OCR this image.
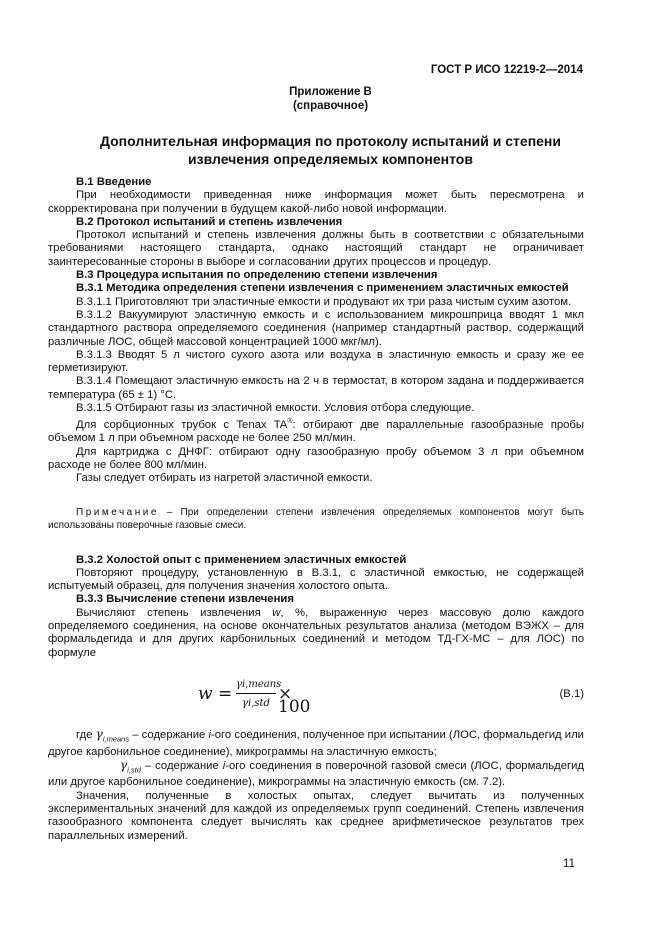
ГОСТ Р ИСО 12219-2—2014
Приложение В
(справочное)
Дополнительная информация по протоколу испытаний и степени
извлечения определяемых компонентов

В.1 Введение

При необходимости приведенная ниже информация может быть пересмотрена и скорректирована при получении в будущем какой-либо новой информации.

В.2 Протокол испытаний и степень извлечения

Протокол испытаний и степень извлечения должны быть в соответствии с обязательными требованиями настоящего стандарта, однако настоящий стандарт не ограничивает заинтересованные стороны в выборе и согласовании других процессов и процедур.

В.3 Процедура испытания по определению степени извлечения

В.3.1 Методика определения степени извлечения с применением эластичных емкостей

В.3.1.1 Приготовляют три эластичные емкости и продувают их три раза чистым сухим азотом.

В.3.1.2 Вакуумируют эластичную емкость и с использованием микрошприца вводят 1 мкл стандартного раствора определяемого соединения (например стандартный раствор, содержащий различные ЛОС, общей массовой концентрацией 1000 мкг/мл).

В.3.1.3 Вводят 5 л чистого сухого азота или воздуха в эластичную емкость и сразу же ее герметизируют.

В.3.1.4 Помещают эластичную емкость на 2 ч в термостат, в котором задана и поддерживается температура (65 ± 1) °С.

В.3.1.5 Отбирают газы из эластичной емкости. Условия отбора следующие.

Для сорбционных трубок с Tenax TA®: отбирают две параллельные газообразные пробы объемом 1 л при объемном расходе не более 250 мл/мин.

Для картриджа с ДНФГ: отбирают одну газообразную пробу объемом 3 л при объемном расходе не более 800 мл/мин.

Газы следует отбирать из нагретой эластичной емкости.

Примечание – При определении степени извлечения определяемых компонентов могут быть использованы поверочные газовые смеси.

В.3.2 Холостой опыт с применением эластичных емкостей

Повторяют процедуру, установленную в В.3.1, с эластичной емкостью, не содержащей испытуемый образец, для получения значения холостого опыта.

В.3.3 Вычисление степени извлечения

Вычисляют степень извлечения w, %, выраженную через массовую долю каждого определяемого соединения, на основе окончательных результатов анализа (методом ВЭЖХ – для формальдегида и для других карбонильных соединений и методом ТД-ГХ-МС – для ЛОС) по формуле

w = γi,means
γi,std × 100
(В.1)

где $\gamma_{i,means}$ – содержание i-ого соединения, полученное при испытании (ЛОС, формальдегид или другое карбонильное соединение), микрограммы на эластичную емкость;

$\gamma_{i,std}$ – содержание i-ого соединения в поверочной газовой смеси (ЛОС, формальдегид или другое карбонильное соединение), микрограммы на эластичную емкость (см. 7.2).

Значения, полученные в холостых опытах, следует вычитать из полученных экспериментальных значений для каждой из определяемых групп соединений. Степень извлечения газообразного компонента следует вычислять как среднее арифметическое результатов трех параллельных измерений.

11
